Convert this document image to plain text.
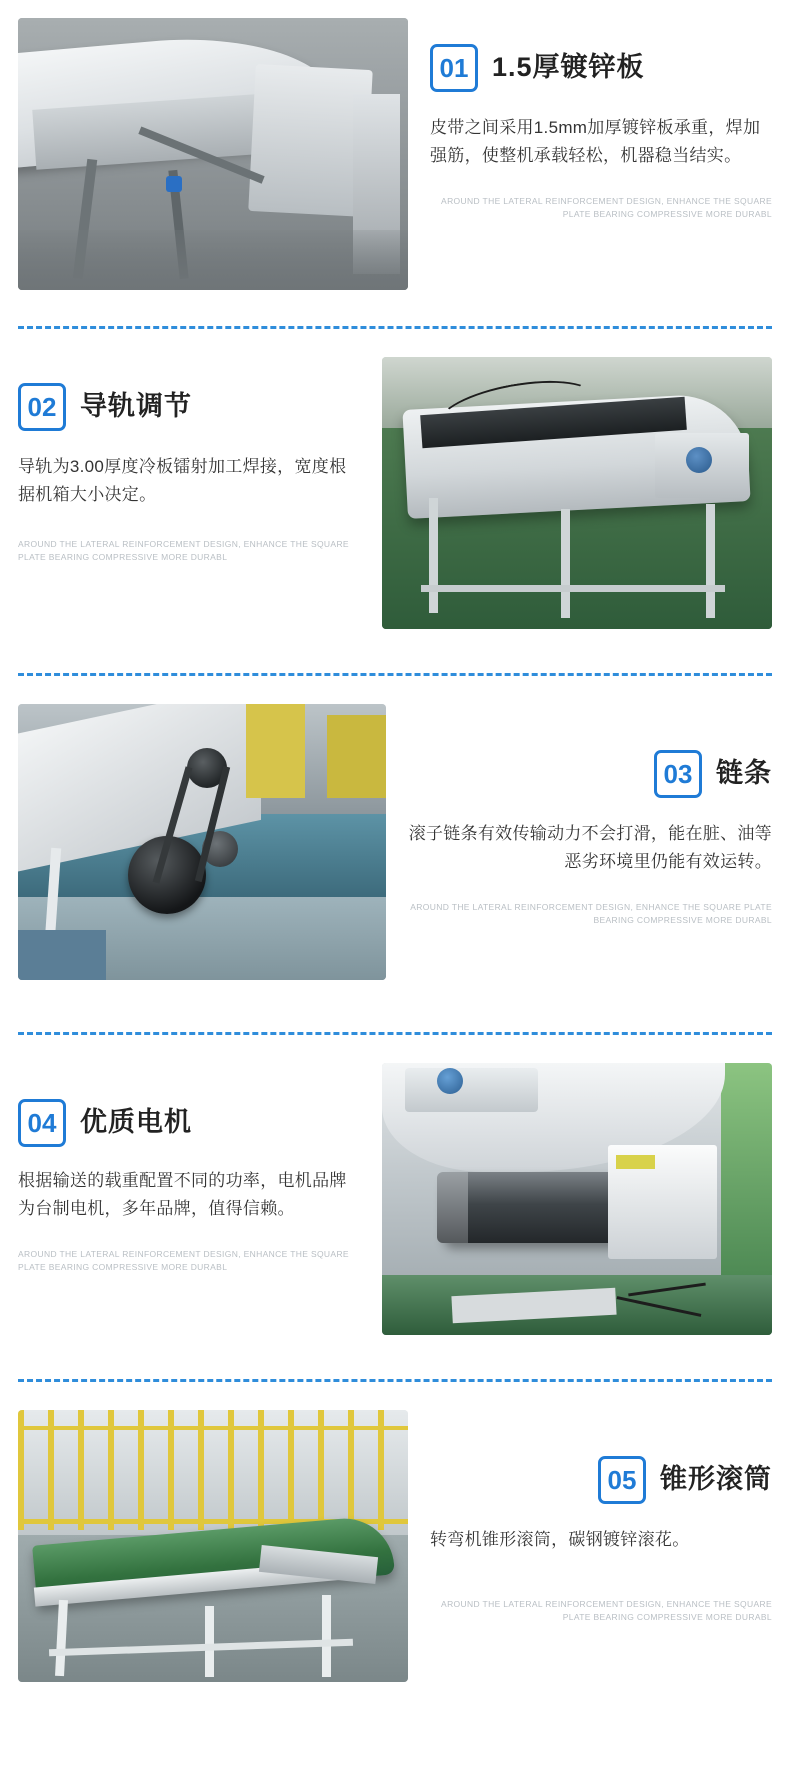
01 1.5厚镀锌板
皮带之间采用1.5mm加厚镀锌板承重，焊加强筋，使整机承载轻松，机器稳当结实。
AROUND THE LATERAL REINFORCEMENT DESIGN, ENHANCE THE SQUARE PLATE BEARING COMPRESSIVE MORE DURABL
02 导轨调节
导轨为3.00厚度冷板镭射加工焊接，宽度根据机箱大小决定。
AROUND THE LATERAL REINFORCEMENT DESIGN, ENHANCE THE SQUARE PLATE BEARING COMPRESSIVE MORE DURABL
03 链条
滚子链条有效传输动力不会打滑，能在脏、油等恶劣环境里仍能有效运转。
AROUND THE LATERAL REINFORCEMENT DESIGN, ENHANCE THE SQUARE PLATE BEARING COMPRESSIVE MORE DURABL
04 优质电机
根据输送的载重配置不同的功率，电机品牌为台制电机，多年品牌，值得信赖。
AROUND THE LATERAL REINFORCEMENT DESIGN, ENHANCE THE SQUARE PLATE BEARING COMPRESSIVE MORE DURABL
05 锥形滚筒
转弯机锥形滚筒，碳钢镀锌滚花。
AROUND THE LATERAL REINFORCEMENT DESIGN, ENHANCE THE SQUARE PLATE BEARING COMPRESSIVE MORE DURABL
